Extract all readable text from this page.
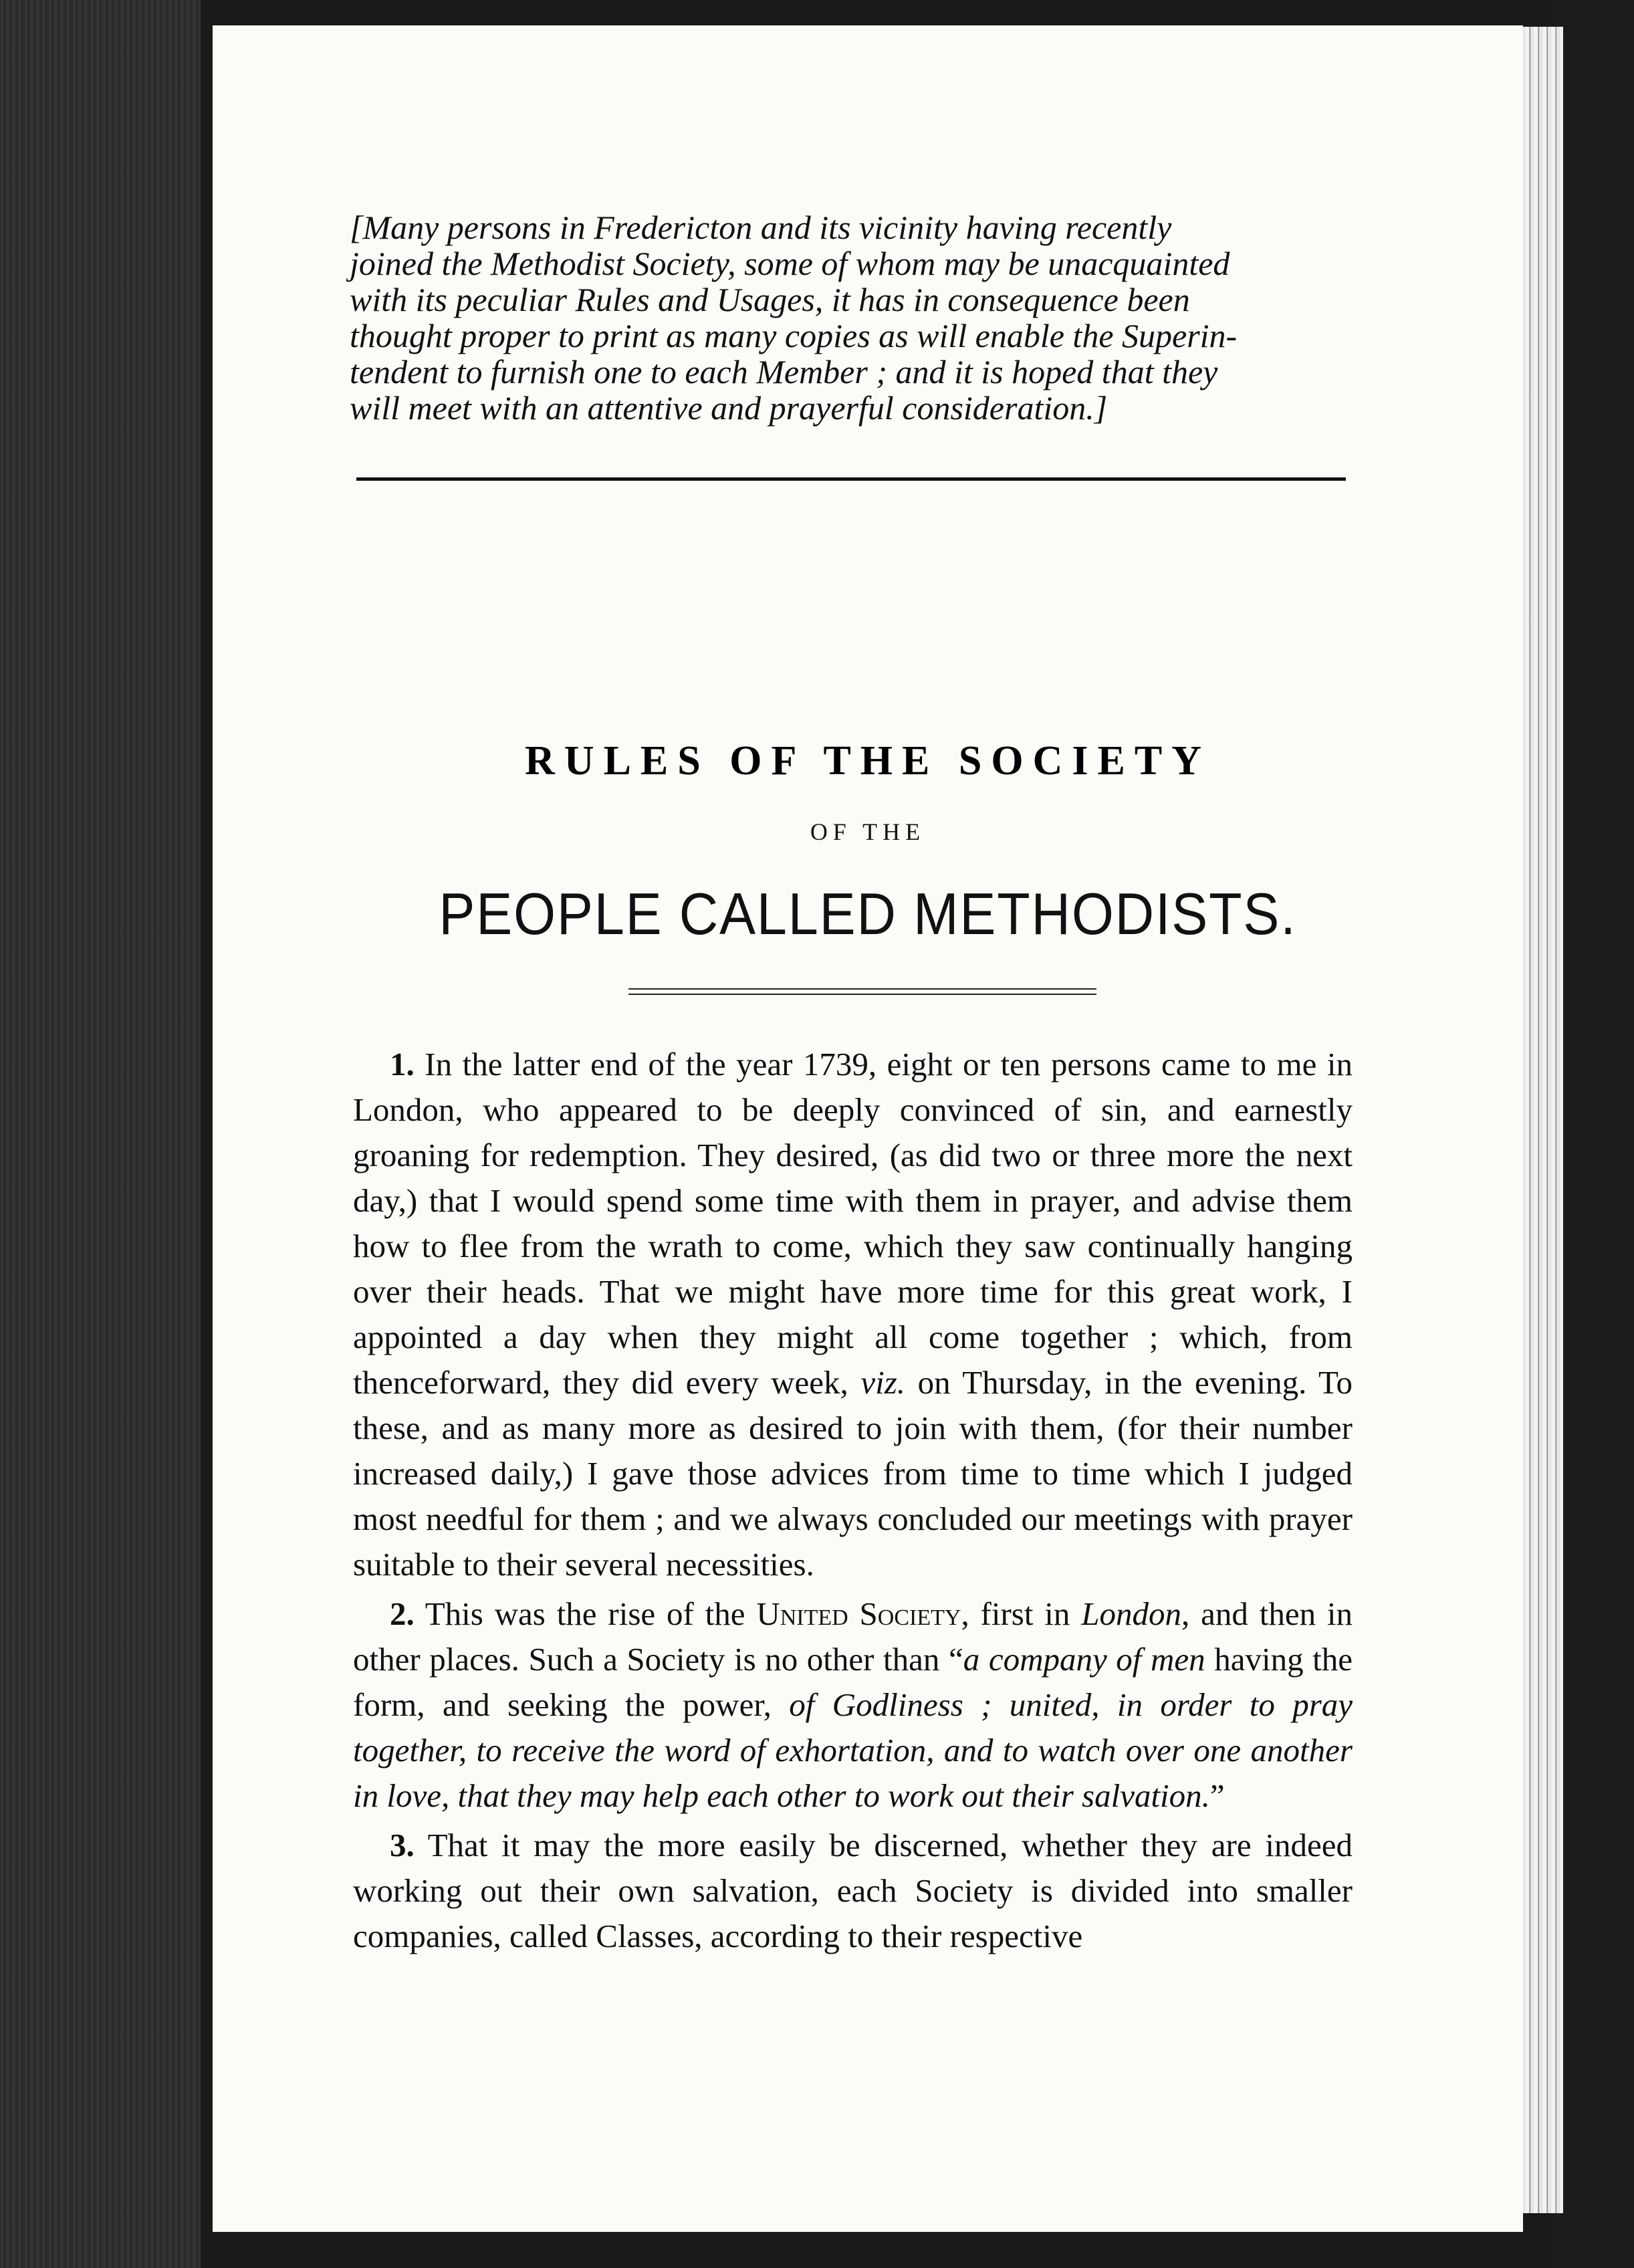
[Many persons in Fredericton and its vicinity having recently
joined the Methodist Society, some of whom may be unacquainted
with its peculiar Rules and Usages, it has in consequence been
thought proper to print as many copies as will enable the Superin-
tendent to furnish one to each Member ; and it is hoped that they
will meet with an attentive and prayerful consideration.]
RULES OF THE SOCIETY
OF THE
PEOPLE CALLED METHODISTS.

1. In the latter end of the year 1739, eight or ten persons came to me in London, who appeared to be deeply convinced of sin, and earnestly groaning for redemption. They desired, (as did two or three more the next day,) that I would spend some time with them in prayer, and advise them how to flee from the wrath to come, which they saw continually hanging over their heads. That we might have more time for this great work, I appointed a day when they might all come together ; which, from thenceforward, they did every week, viz. on Thursday, in the evening. To these, and as many more as desired to join with them, (for their number increased daily,) I gave those advices from time to time which I judged most needful for them ; and we always concluded our meetings with prayer suitable to their several necessities.

2. This was the rise of the United Society, first in London, and then in other places. Such a Society is no other than “a company of men having the form, and seeking the power, of Godliness ; united, in order to pray together, to receive the word of exhortation, and to watch over one another in love, that they may help each other to work out their salvation.”

3. That it may the more easily be discerned, whether they are indeed working out their own salvation, each Society is divided into smaller companies, called Classes, according to their respective
